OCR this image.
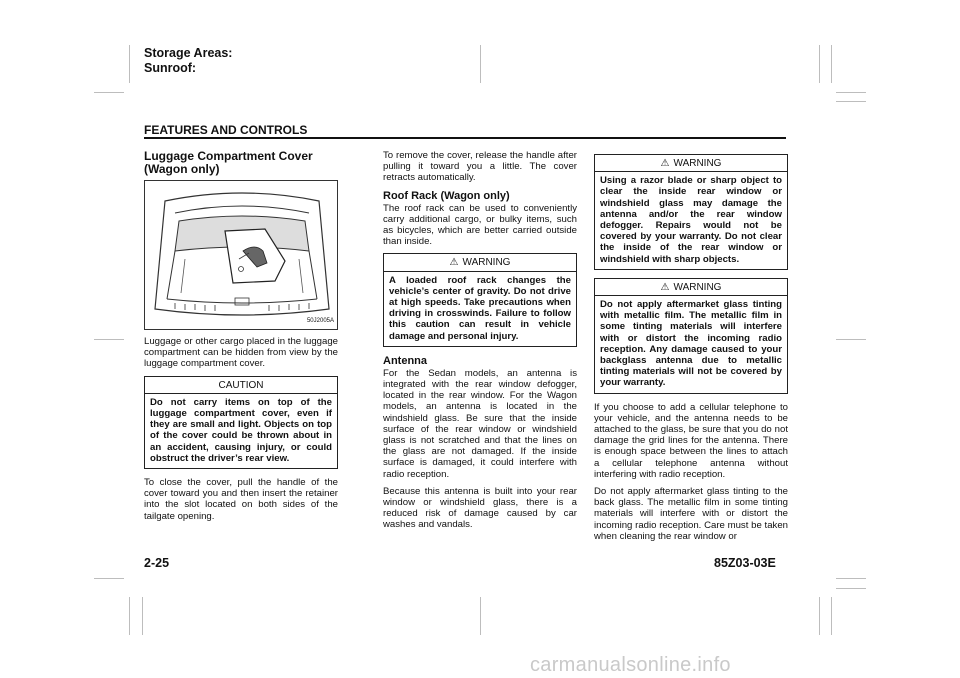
Storage Areas:
Sunroof:
FEATURES AND CONTROLS
Luggage Compartment Cover (Wagon only)
50J2005A

Luggage or other cargo placed in the luggage compartment can be hidden from view by the luggage compartment cover.

CAUTION
Do not carry items on top of the luggage compartment cover, even if they are small and light. Objects on top of the cover could be thrown about in an accident, causing injury, or could obstruct the driver’s rear view.

To close the cover, pull the handle of the cover toward you and then insert the retainer into the slot located on both sides of the tailgate opening.

To remove the cover, release the handle after pulling it toward you a little. The cover retracts automatically.

Roof Rack (Wagon only)

The roof rack can be used to conveniently carry additional cargo, or bulky items, such as bicycles, which are better carried outside than inside.

⚠ WARNING
A loaded roof rack changes the vehicle’s center of gravity. Do not drive at high speeds. Take precautions when driving in crosswinds. Failure to follow this caution can result in vehicle damage and personal injury.
Antenna

For the Sedan models, an antenna is integrated with the rear window defogger, located in the rear window. For the Wagon models, an antenna is located in the windshield glass. Be sure that the inside surface of the rear window or windshield glass is not scratched and that the lines on the glass are not damaged. If the inside surface is damaged, it could interfere with radio reception.

Because this antenna is built into your rear window or windshield glass, there is a reduced risk of damage caused by car washes and vandals.

⚠ WARNING
Using a razor blade or sharp object to clear the inside rear window or windshield glass may damage the antenna and/or the rear window defogger. Repairs would not be covered by your warranty. Do not clear the inside of the rear window or windshield with sharp objects.
⚠ WARNING
Do not apply aftermarket glass tinting with metallic film. The metallic film in some tinting materials will interfere with or distort the incoming radio reception. Any damage caused to your backglass antenna due to metallic tinting materials will not be covered by your warranty.

If you choose to add a cellular telephone to your vehicle, and the antenna needs to be attached to the glass, be sure that you do not damage the grid lines for the antenna. There is enough space between the lines to attach a cellular telephone antenna without interfering with radio reception.

Do not apply aftermarket glass tinting to the back glass. The metallic film in some tinting materials will interfere with or distort the incoming radio reception. Care must be taken when cleaning the rear window or

2-25	85Z03-03E
carmanualsonline.info
